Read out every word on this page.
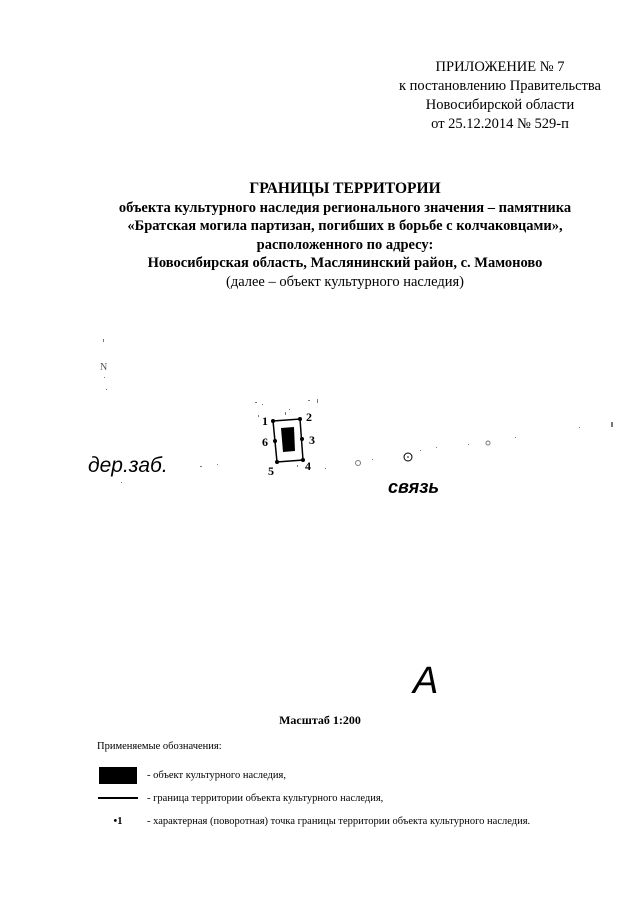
ПРИЛОЖЕНИЕ № 7
к постановлению Правительства
Новосибирской области
от 25.12.2014 № 529-п
ГРАНИЦЫ ТЕРРИТОРИИ
объекта культурного наследия регионального значения – памятника
«Братская могила партизан, погибших в борьбе с колчаковцами»,
расположенного по адресу:
Новосибирская область, Маслянинский район, с. Мамоново
(далее – объект культурного наследия)
N
1	2
3
4
5
6
дер.заб.
связь
А
Масштаб 1:200
Применяемые обозначения:
- объект культурного наследия,
- граница территории объекта культурного наследия,
•1	- характерная (поворотная) точка границы территории объекта культурного наследия.
